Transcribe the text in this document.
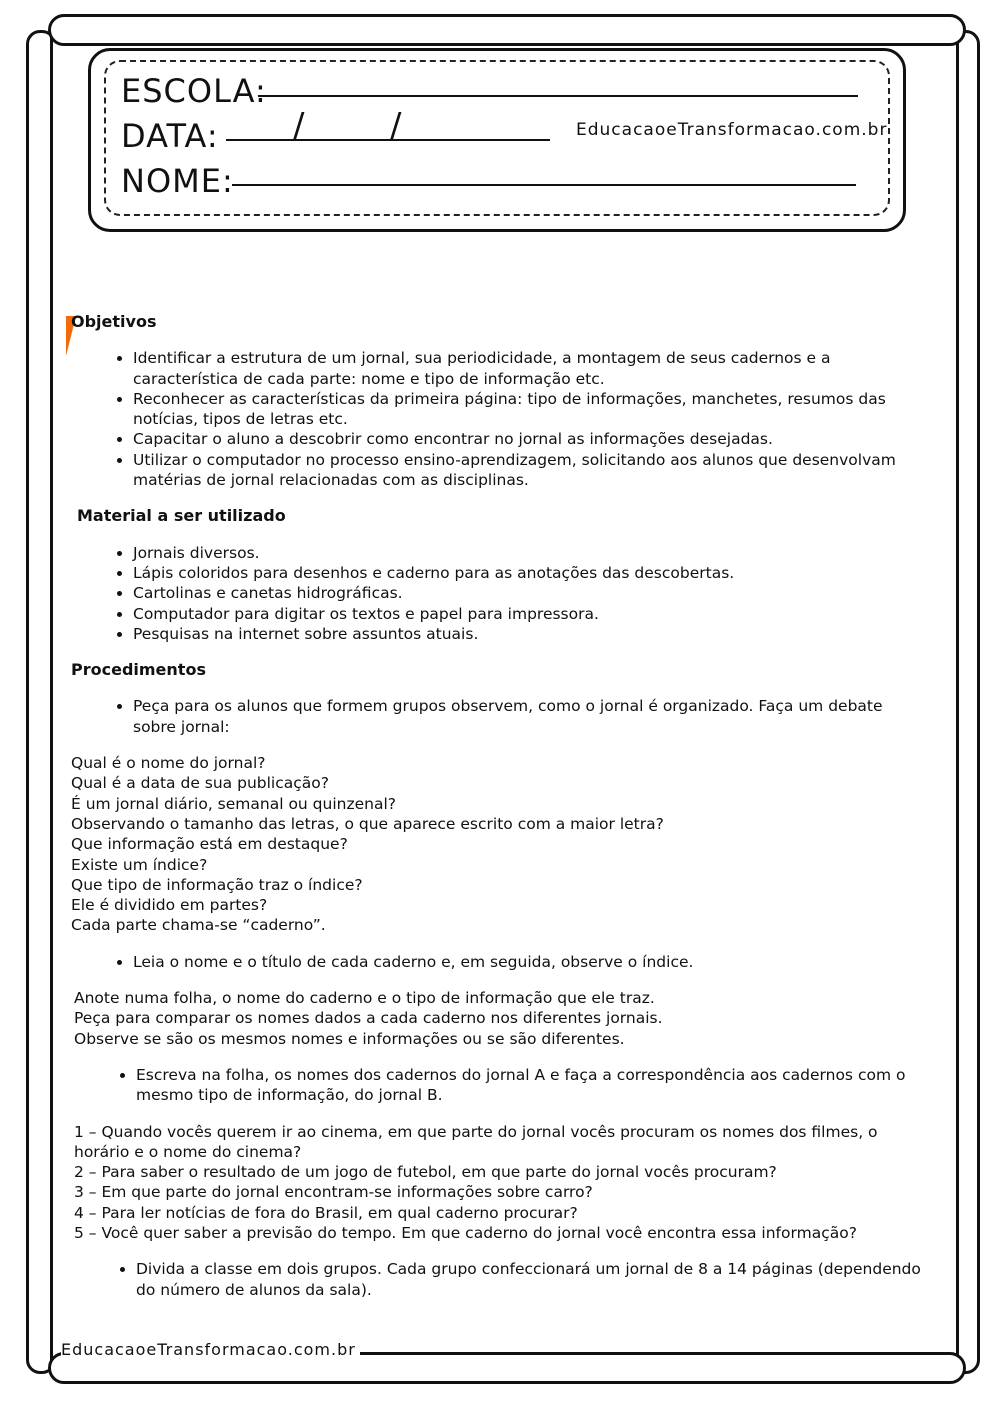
ESCOLA:
DATA: /	/	EducacaoeTransformacao.com.br
NOME:
Objetivos
• Identificar a estrutura de um jornal, sua periodicidade, a montagem de seus cadernos e a característica de cada parte: nome e tipo de informação etc.
• Reconhecer as características da primeira página: tipo de informações, manchetes, resumos das notícias, tipos de letras etc.
• Capacitar o aluno a descobrir como encontrar no jornal as informações desejadas.
• Utilizar o computador no processo ensino-aprendizagem, solicitando aos alunos que desenvolvam matérias de jornal relacionadas com as disciplinas.
Material a ser utilizado
• Jornais diversos.
• Lápis coloridos para desenhos e caderno para as anotações das descobertas.
• Cartolinas e canetas hidrográficas.
• Computador para digitar os textos e papel para impressora.
• Pesquisas na internet sobre assuntos atuais.
Procedimentos
• Peça para os alunos que formem grupos observem, como o jornal é organizado. Faça um debate sobre jornal:

Qual é o nome do jornal?

Qual é a data de sua publicação?

É um jornal diário, semanal ou quinzenal?

Observando o tamanho das letras, o que aparece escrito com a maior letra?

Que informação está em destaque?

Existe um índice?

Que tipo de informação traz o índice?

Ele é dividido em partes?

Cada parte chama-se “caderno”.

• Leia o nome e o título de cada caderno e, em seguida, observe o índice.

Anote numa folha, o nome do caderno e o tipo de informação que ele traz.

Peça para comparar os nomes dados a cada caderno nos diferentes jornais.

Observe se são os mesmos nomes e informações ou se são diferentes.

• Escreva na folha, os nomes dos cadernos do jornal A e faça a correspondência aos cadernos com o mesmo tipo de informação, do jornal B.

1 – Quando vocês querem ir ao cinema, em que parte do jornal vocês procuram os nomes dos filmes, o horário e o nome do cinema?

2 – Para saber o resultado de um jogo de futebol, em que parte do jornal vocês procuram?

3 – Em que parte do jornal encontram-se informações sobre carro?

4 – Para ler notícias de fora do Brasil, em qual caderno procurar?

5 – Você quer saber a previsão do tempo. Em que caderno do jornal você encontra essa informação?

• Divida a classe em dois grupos. Cada grupo confeccionará um jornal de 8 a 14 páginas (dependendo do número de alunos da sala).
EducacaoeTransformacao.com.br
